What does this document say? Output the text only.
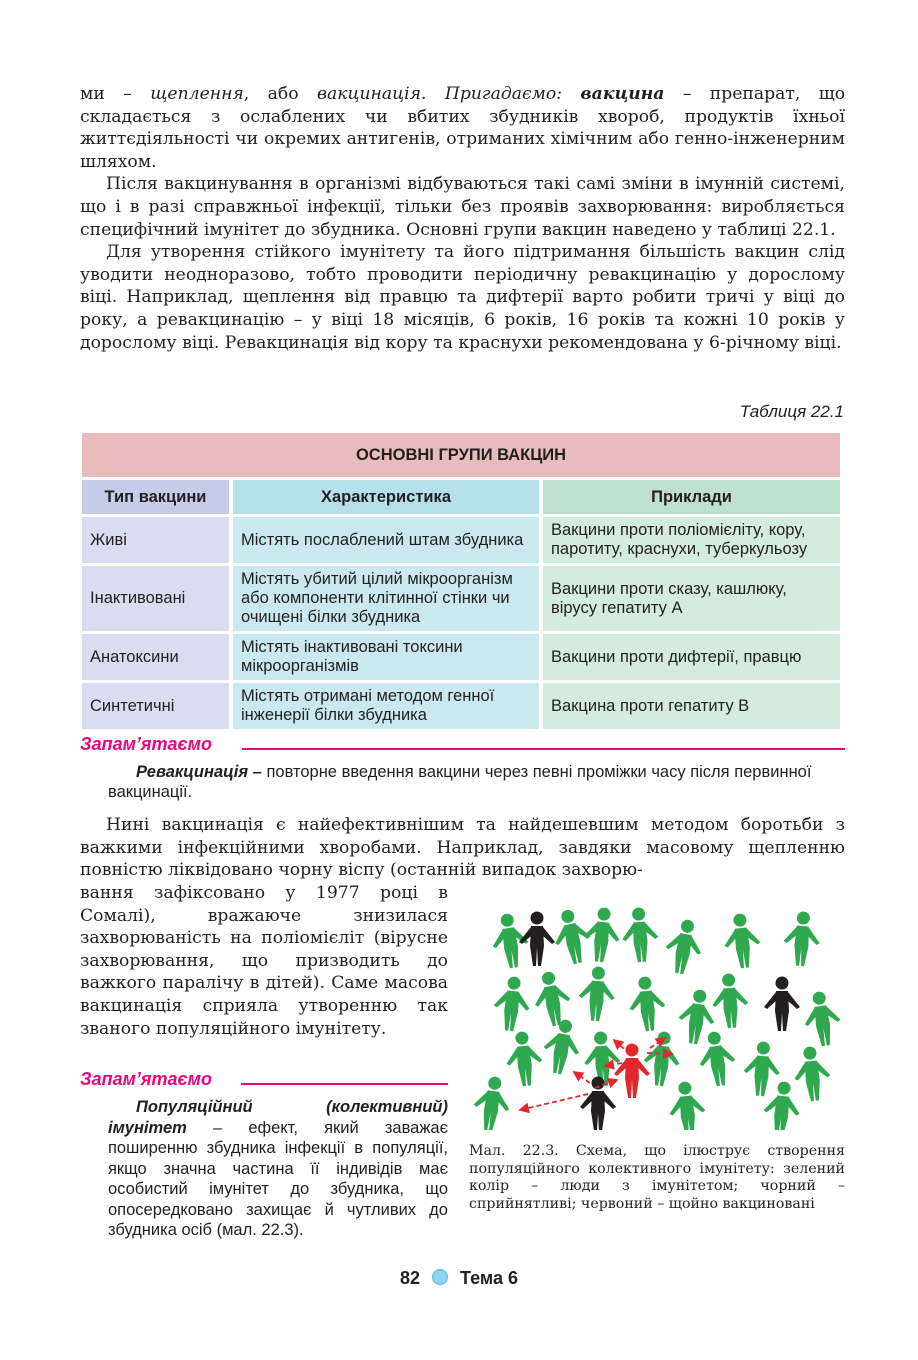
ми – щеплення, або вакцинація. Пригадаємо: вакцина – препарат, що складається з ослаблених чи вбитих збудників хвороб, продуктів їхньої життєдіяльності чи окремих антигенів, отриманих хімічним або генно-інженерним шляхом.

Після вакцинування в організмі відбуваються такі самі зміни в імунній системі, що і в разі справжньої інфекції, тільки без проявів захворювання: виробляється специфічний імунітет до збудника. Основні групи вакцин наведено у таблиці 22.1.

Для утворення стійкого імунітету та його підтримання більшість вакцин слід уводити неодноразово, тобто проводити періодичну ревакцинацію у дорослому віці. Наприклад, щеплення від правцю та дифтерії варто робити тричі у віці до року, а ревакцинацію – у віці 18 місяців, 6 років, 16 років та кожні 10 років у дорослому віці. Ревакцинація від кору та краснухи рекомендована у 6-річному віці.

Таблиця 22.1
ОСНОВНІ ГРУПИ ВАКЦИН		
Тип вакцини	Характеристика	Приклади
Живі	Містять послаблений штам збудника	Вакцини проти поліомієліту, кору, паротиту, краснухи, туберкульозу
Інактивовані	Містять убитий цілий мікроорганізм або компоненти клітинної стінки чи очищені білки збудника	Вакцини проти сказу, кашлюку, вірусу гепатиту А
Анатоксини	Містять інактивовані токсини мікроорганізмів	Вакцини проти дифтерії, правцю
Синтетичні	Містять отримані методом генної інженерії білки збудника	Вакцина проти гепатиту В
Запам’ятаємо
Ревакцинація – повторне введення вакцини через певні проміжки часу після первинної вакцинації.

Нині вакцинація є найефективнішим та найдешевшим методом боротьби з важкими інфекційними хворобами. Наприклад, завдяки масовому щепленню повністю ліквідовано чорну віспу (останній випадок захворю-

вання зафіксовано у 1977 році в Сомалі), вражаюче знизилася захворюваність на поліомієліт (вірусне захворювання, що призводить до важкого паралічу в дітей). Саме масова вакцинація сприяла утворенню так званого популяційного імунітету.

Запам’ятаємо
Популяційний (колективний) імунітет – ефект, який заважає поширенню збудника інфекції в популяції, якщо значна частина її індивідів має особистий імунітет до збудника, що опосередковано захищає й чутливих до збудника осіб (мал. 22.3).
Мал. 22.3. Схема, що ілюструє створення популяційного колективного імунітету: зелений колір – люди з імунітетом; чорний – сприйнятливі; червоний – щойно вакциновані
82 Тема 6
